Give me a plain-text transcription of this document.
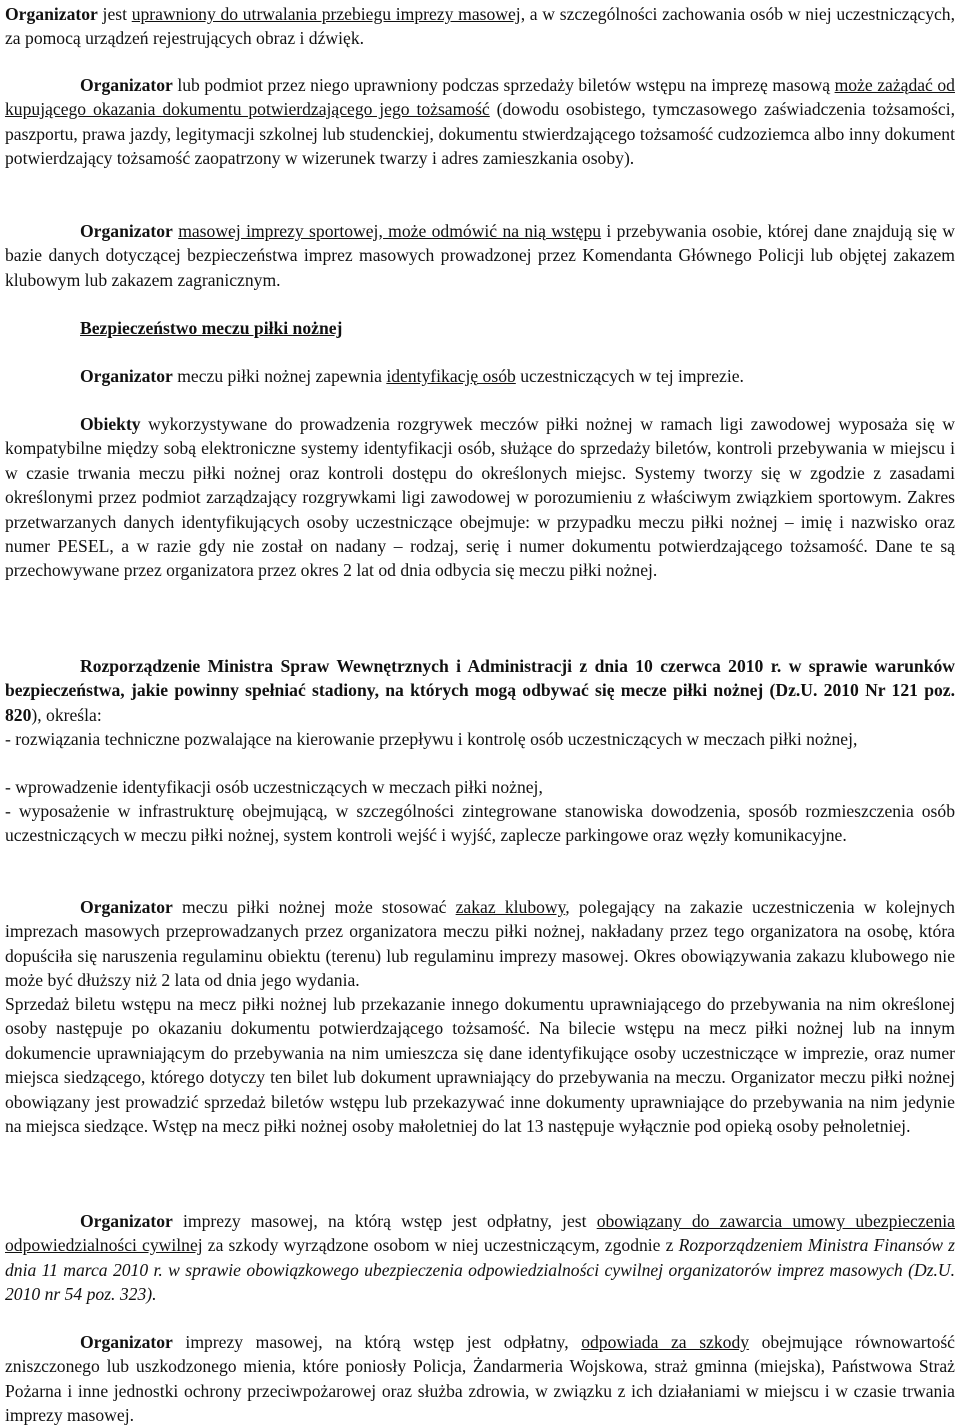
Organizator jest uprawniony do utrwalania przebiegu imprezy masowej, a w szczególności zachowania osób w niej uczestniczących, za pomocą urządzeń rejestrujących obraz i dźwięk.

Organizator lub podmiot przez niego uprawniony podczas sprzedaży biletów wstępu na imprezę masową może zażądać od kupującego okazania dokumentu potwierdzającego jego tożsamość (dowodu osobistego, tymczasowego zaświadczenia tożsamości, paszportu, prawa jazdy, legitymacji szkolnej lub studenckiej, dokumentu stwierdzającego tożsamość cudzoziemca albo inny dokument potwierdzający tożsamość zaopatrzony w wizerunek twarzy i adres zamieszkania osoby).

Organizator masowej imprezy sportowej, może odmówić na nią wstępu i przebywania osobie, której dane znajdują się w bazie danych dotyczącej bezpieczeństwa imprez masowych prowadzonej przez Komendanta Głównego Policji lub objętej zakazem klubowym lub zakazem zagranicznym.

Bezpieczeństwo meczu piłki nożnej

Organizator meczu piłki nożnej zapewnia identyfikację osób uczestniczących w tej imprezie.

Obiekty wykorzystywane do prowadzenia rozgrywek meczów piłki nożnej w ramach ligi zawodowej wyposaża się w kompatybilne między sobą elektroniczne systemy identyfikacji osób, służące do sprzedaży biletów, kontroli przebywania w miejscu i w czasie trwania meczu piłki nożnej oraz kontroli dostępu do określonych miejsc. Systemy tworzy się w zgodzie z zasadami określonymi przez podmiot zarządzający rozgrywkami ligi zawodowej w porozumieniu z właściwym związkiem sportowym. Zakres przetwarzanych danych identyfikujących osoby uczestniczące obejmuje: w przypadku meczu piłki nożnej – imię i nazwisko oraz numer PESEL, a w razie gdy nie został on nadany – rodzaj, serię i numer dokumentu potwierdzającego tożsamość. Dane te są przechowywane przez organizatora przez okres 2 lat od dnia odbycia się meczu piłki nożnej.

Rozporządzenie Ministra Spraw Wewnętrznych i Administracji z dnia 10 czerwca 2010 r. w sprawie warunków bezpieczeństwa, jakie powinny spełniać stadiony, na których mogą odbywać się mecze piłki nożnej (Dz.U. 2010 Nr 121 poz. 820), określa:

- rozwiązania techniczne pozwalające na kierowanie przepływu i kontrolę osób uczestniczących w meczach piłki nożnej,

- wprowadzenie identyfikacji osób uczestniczących w meczach piłki nożnej,

- wyposażenie w infrastrukturę obejmującą, w szczególności zintegrowane stanowiska dowodzenia, sposób rozmieszczenia osób uczestniczących w meczu piłki nożnej, system kontroli wejść i wyjść, zaplecze parkingowe oraz węzły komunikacyjne.

Organizator meczu piłki nożnej może stosować zakaz klubowy, polegający na zakazie uczestniczenia w kolejnych imprezach masowych przeprowadzanych przez organizatora meczu piłki nożnej, nakładany przez tego organizatora na osobę, która dopuściła się naruszenia regulaminu obiektu (terenu) lub regulaminu imprezy masowej. Okres obowiązywania zakazu klubowego nie może być dłuższy niż 2 lata od dnia jego wydania.

Sprzedaż biletu wstępu na mecz piłki nożnej lub przekazanie innego dokumentu uprawniającego do przebywania na nim określonej osoby następuje po okazaniu dokumentu potwierdzającego tożsamość. Na bilecie wstępu na mecz piłki nożnej lub na innym dokumencie uprawniającym do przebywania na nim umieszcza się dane identyfikujące osoby uczestniczące w imprezie, oraz numer miejsca siedzącego, którego dotyczy ten bilet lub dokument uprawniający do przebywania na meczu. Organizator meczu piłki nożnej obowiązany jest prowadzić sprzedaż biletów wstępu lub przekazywać inne dokumenty uprawniające do przebywania na nim jedynie na miejsca siedzące. Wstęp na mecz piłki nożnej osoby małoletniej do lat 13 następuje wyłącznie pod opieką osoby pełnoletniej.

Organizator imprezy masowej, na którą wstęp jest odpłatny, jest obowiązany do zawarcia umowy ubezpieczenia odpowiedzialności cywilnej za szkody wyrządzone osobom w niej uczestniczącym, zgodnie z Rozporządzeniem Ministra Finansów z dnia 11 marca 2010 r. w sprawie obowiązkowego ubezpieczenia odpowiedzialności cywilnej organizatorów imprez masowych (Dz.U. 2010 nr 54 poz. 323).

Organizator imprezy masowej, na którą wstęp jest odpłatny, odpowiada za szkody obejmujące równowartość zniszczonego lub uszkodzonego mienia, które poniosły Policja, Żandarmeria Wojskowa, straż gminna (miejska), Państwowa Straż Pożarna i inne jednostki ochrony przeciwpożarowej oraz służba zdrowia, w związku z ich działaniami w miejscu i w czasie trwania imprezy masowej.
